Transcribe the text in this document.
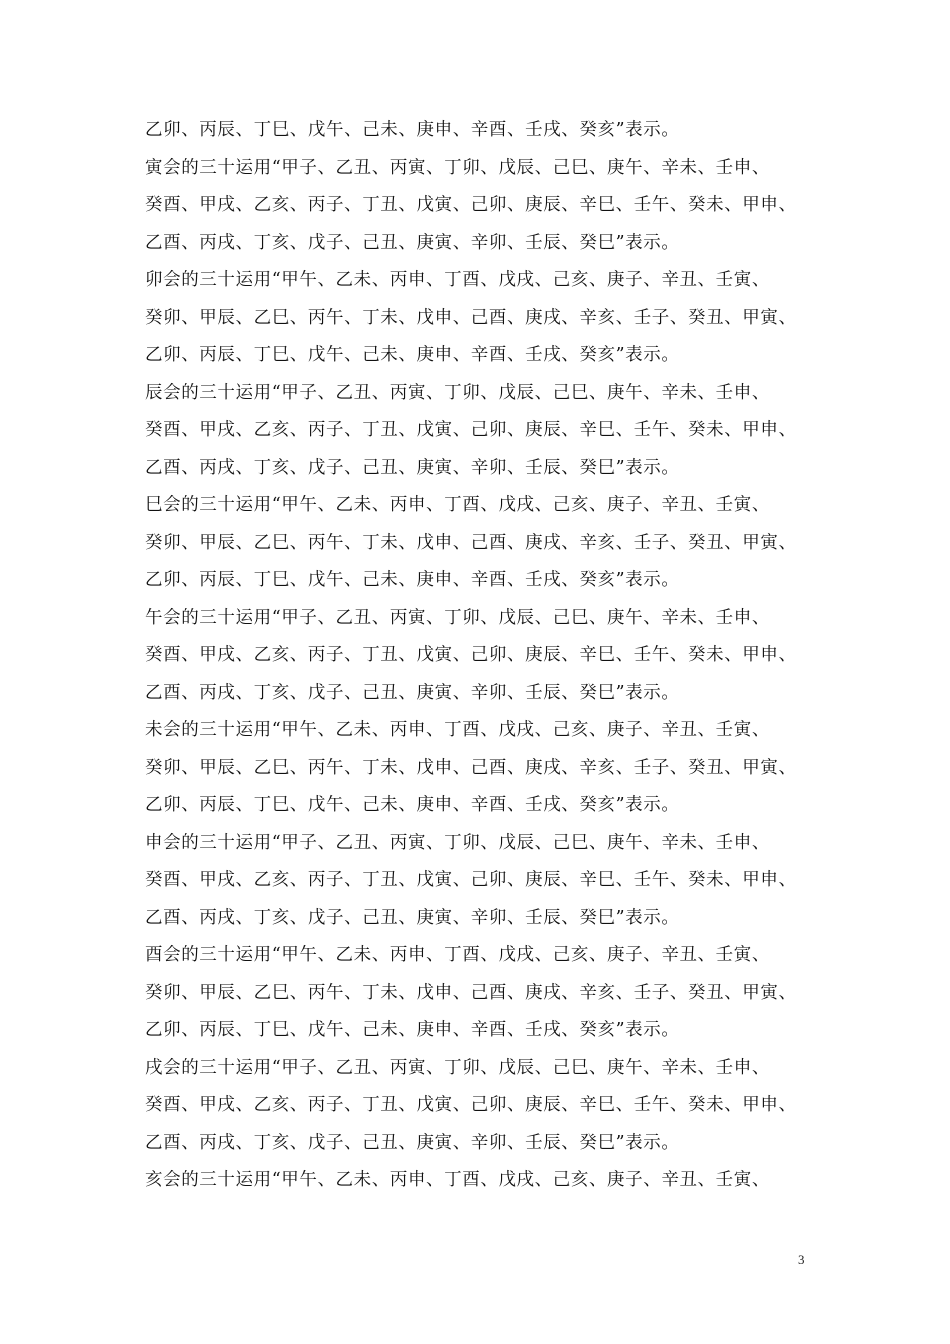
乙卯、丙辰、丁巳、戊午、己未、庚申、辛酉、壬戌、癸亥”表示。
寅会的三十运用“甲子、乙丑、丙寅、丁卯、戊辰、己巳、庚午、辛未、壬申、
癸酉、甲戌、乙亥、丙子、丁丑、戊寅、己卯、庚辰、辛巳、壬午、癸未、甲申、
乙酉、丙戌、丁亥、戊子、己丑、庚寅、辛卯、壬辰、癸巳”表示。
卯会的三十运用“甲午、乙未、丙申、丁酉、戊戌、己亥、庚子、辛丑、壬寅、
癸卯、甲辰、乙巳、丙午、丁未、戊申、己酉、庚戌、辛亥、壬子、癸丑、甲寅、
乙卯、丙辰、丁巳、戊午、己未、庚申、辛酉、壬戌、癸亥”表示。
辰会的三十运用“甲子、乙丑、丙寅、丁卯、戊辰、己巳、庚午、辛未、壬申、
癸酉、甲戌、乙亥、丙子、丁丑、戊寅、己卯、庚辰、辛巳、壬午、癸未、甲申、
乙酉、丙戌、丁亥、戊子、己丑、庚寅、辛卯、壬辰、癸巳”表示。
巳会的三十运用“甲午、乙未、丙申、丁酉、戊戌、己亥、庚子、辛丑、壬寅、
癸卯、甲辰、乙巳、丙午、丁未、戊申、己酉、庚戌、辛亥、壬子、癸丑、甲寅、
乙卯、丙辰、丁巳、戊午、己未、庚申、辛酉、壬戌、癸亥”表示。
午会的三十运用“甲子、乙丑、丙寅、丁卯、戊辰、己巳、庚午、辛未、壬申、
癸酉、甲戌、乙亥、丙子、丁丑、戊寅、己卯、庚辰、辛巳、壬午、癸未、甲申、
乙酉、丙戌、丁亥、戊子、己丑、庚寅、辛卯、壬辰、癸巳”表示。
未会的三十运用“甲午、乙未、丙申、丁酉、戊戌、己亥、庚子、辛丑、壬寅、
癸卯、甲辰、乙巳、丙午、丁未、戊申、己酉、庚戌、辛亥、壬子、癸丑、甲寅、
乙卯、丙辰、丁巳、戊午、己未、庚申、辛酉、壬戌、癸亥”表示。
申会的三十运用“甲子、乙丑、丙寅、丁卯、戊辰、己巳、庚午、辛未、壬申、
癸酉、甲戌、乙亥、丙子、丁丑、戊寅、己卯、庚辰、辛巳、壬午、癸未、甲申、
乙酉、丙戌、丁亥、戊子、己丑、庚寅、辛卯、壬辰、癸巳”表示。
酉会的三十运用“甲午、乙未、丙申、丁酉、戊戌、己亥、庚子、辛丑、壬寅、
癸卯、甲辰、乙巳、丙午、丁未、戊申、己酉、庚戌、辛亥、壬子、癸丑、甲寅、
乙卯、丙辰、丁巳、戊午、己未、庚申、辛酉、壬戌、癸亥”表示。
戌会的三十运用“甲子、乙丑、丙寅、丁卯、戊辰、己巳、庚午、辛未、壬申、
癸酉、甲戌、乙亥、丙子、丁丑、戊寅、己卯、庚辰、辛巳、壬午、癸未、甲申、
乙酉、丙戌、丁亥、戊子、己丑、庚寅、辛卯、壬辰、癸巳”表示。
亥会的三十运用“甲午、乙未、丙申、丁酉、戊戌、己亥、庚子、辛丑、壬寅、
3
